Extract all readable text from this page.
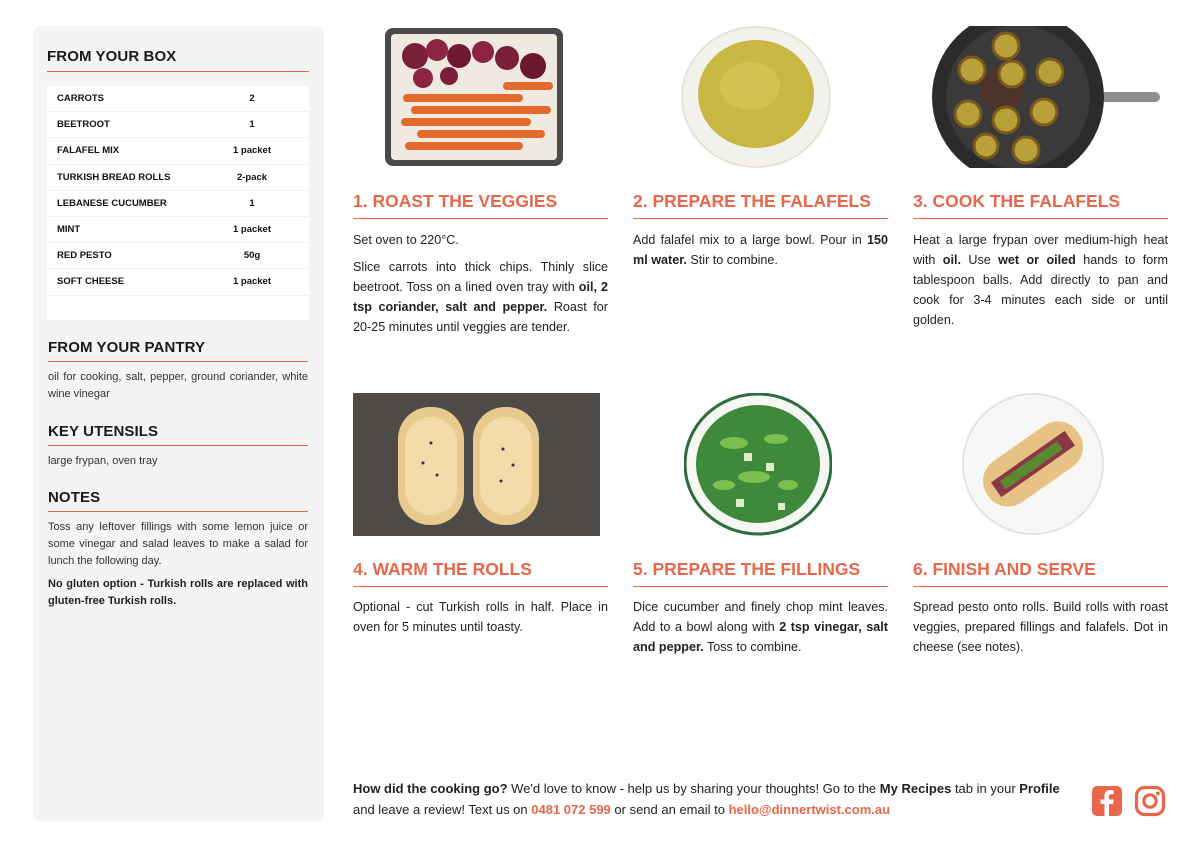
FROM YOUR BOX
CARROTS	2
BEETROOT	1
FALAFEL MIX	1 packet
TURKISH BREAD ROLLS	2-pack
LEBANESE CUCUMBER	1
MINT	1 packet
RED PESTO	50g
SOFT CHEESE	1 packet
FROM YOUR PANTRY
oil for cooking, salt, pepper, ground coriander, white wine vinegar
KEY UTENSILS
large frypan, oven tray
NOTES
Toss any leftover fillings with some lemon juice or some vinegar and salad leaves to make a salad for lunch the following day.
No gluten option - Turkish rolls are replaced with gluten-free Turkish rolls.
1. ROAST THE VEGGIES

Set oven to 220°C.

Slice carrots into thick chips. Thinly slice beetroot. Toss on a lined oven tray with oil, 2 tsp coriander, salt and pepper. Roast for 20-25 minutes until veggies are tender.

2. PREPARE THE FALAFELS

Add falafel mix to a large bowl. Pour in 150 ml water. Stir to combine.

3. COOK THE FALAFELS

Heat a large frypan over medium-high heat with oil. Use wet or oiled hands to form tablespoon balls. Add directly to pan and cook for 3-4 minutes each side or until golden.

4. WARM THE ROLLS

Optional - cut Turkish rolls in half. Place in oven for 5 minutes until toasty.

5. PREPARE THE FILLINGS

Dice cucumber and finely chop mint leaves. Add to a bowl along with 2 tsp vinegar, salt and pepper. Toss to combine.

6. FINISH AND SERVE

Spread pesto onto rolls. Build rolls with roast veggies, prepared fillings and falafels. Dot in cheese (see notes).

How did the cooking go? We'd love to know - help us by sharing your thoughts! Go to the My Recipes tab in your Profile and leave a review! Text us on 0481 072 599 or send an email to hello@dinnertwist.com.au
